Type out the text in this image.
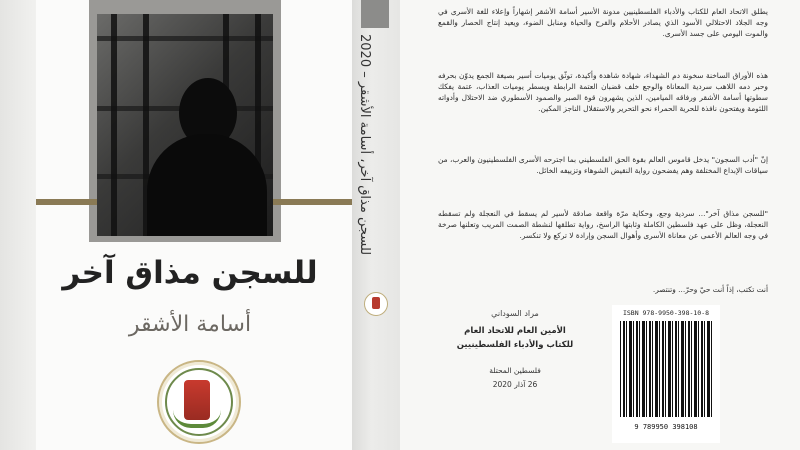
للسجن مذاق آخر
أسامة الأشقر
للسجن مذاق آخر، أسامة الأشقر – 2020

يطلق الاتحاد العام للكتاب والأدباء الفلسطينيين مدونة الأسير أسامة الأشقر إشهاراً وإعلاء للغة الأسرى في وجه الجلاد الاحتلالي الأسود الذي يصادر الأحلام والفرح والحياة ومنابل الضوء، ويعيد إنتاج الحصار والقمع والموت اليومي على جسد الأسرى.

هذه الأوراق الساخنة سخونة دم الشهداء، شهادة شاهدة وأكيدة، توثّق يوميات أسير بصيغة الجمع يدوّن بحرفه وحبر دمه اللاهب سردية المعاناة والوجع خلف قضبان العتمة الرابطة ويسطر يوميات العذاب، عتمة يفكك سطوتها أسامة الأشقر ورفاقه الميامين، الذين يشهرون قوة الصبر والصمود الأسطوري ضد الاحتلال وأدواته اللئومة ويفتحون نافذة للحرية الحمراء نحو التحرير والاستقلال الناجز المكين.

إنّ "أدب السجون" يدخل قاموس العالم بقوة الحق الفلسطيني بما اجترحه الأسرى الفلسطينيون والعرب، من سياقات الإبداع المختلفة وهم يفضحون رواية النقيض الشوهاء وتزييفه الخائل.

"للسجن مذاق آخر"... سردية وجع، وحكاية مرّة واقعة صادقة لأسير لم يسقط في النعجلة ولم تسقطه النعجلة، وظل على عهد فلسطين الكاملة وثابتها الراسخ، رواية تطلقها لنشطة الصمت المريب وتعلنها صرخة في وجه العالم الأعمى عن معاناة الأسرى وأهوال السجن وإرادة لا تركع ولا تنكسر.

أنت تكتب، إذاً أنت حيّ وحرّ... وتنتصر.
مراد السوداني
الأمين العام للاتحاد العام
للكتاب والأدباء الفلسطينيين
فلسطين المحتلة
26 آذار 2020
ISBN 978-9950-398-10-8
9 789950 398108
